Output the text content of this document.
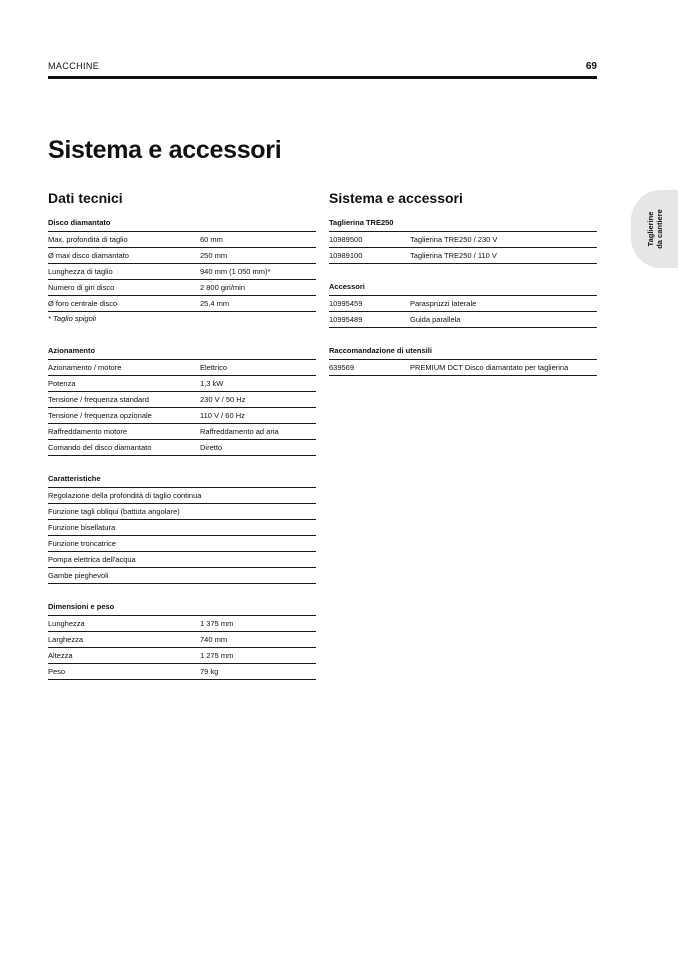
MACCHINE	69
Sistema e accessori
Taglierine da cantiere
Dati tecnici
Disco diamantato
Max. profondità di taglio	60 mm
Ø max disco diamantato	250 mm
Lunghezza di taglio	940 mm (1 050 mm)*
Numero di giri disco	2 800 giri/min
Ø foro centrale disco	25,4 mm
* Taglio spigoli
Azionamento
Azionamento / motore	Elettrico
Potenza	1,3 kW
Tensione / frequenza standard	230 V / 50 Hz
Tensione / frequenza opzionale	110 V / 60 Hz
Raffreddamento motore	Raffreddamento ad aria
Comando del disco diamantato	Diretto
Caratteristiche
Regolazione della profondità di taglio continua
Funzione tagli obliqui (battuta angolare)
Funzione bisellatura
Funzione troncatrice
Pompa elettrica dell'acqua
Gambe pieghevoli
Dimensioni e peso
Lunghezza	1 375 mm
Larghezza	740 mm
Altezza	1 275 mm
Peso	79 kg
Sistema e accessori
Taglierina TRE250
10989500	Taglierina TRE250 / 230 V
10989100	Taglierina TRE250 / 110 V
Accessori
10995459	Paraspruzzi laterale
10995489	Guida parallela
Raccomandazione di utensili
639569	PREMIUM DCT Disco diamantato per taglierina
